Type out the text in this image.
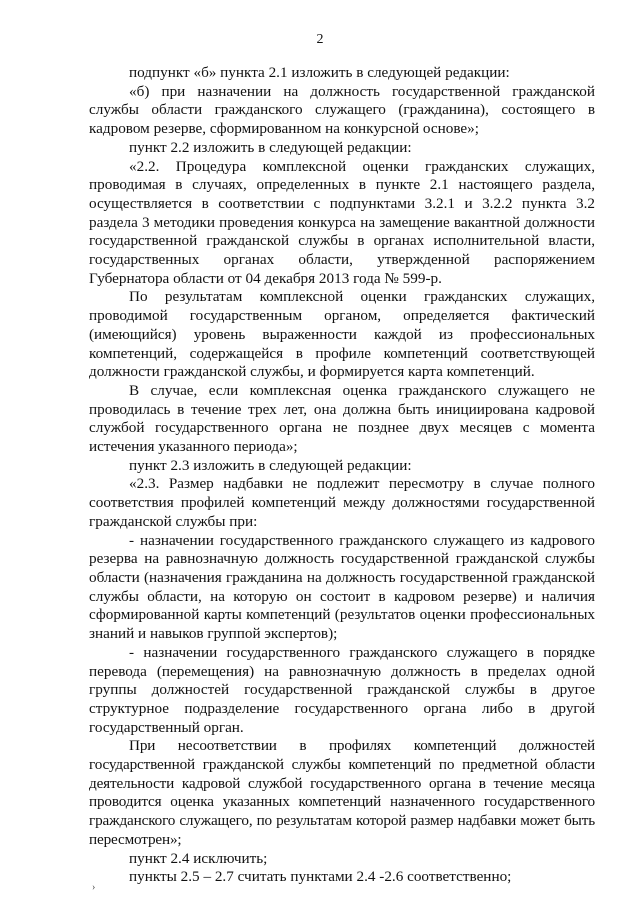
2

подпункт «б» пункта 2.1 изложить в следующей редакции:

«б) при назначении на должность государственной гражданской службы области гражданского служащего (гражданина), состоящего в кадровом резерве, сформированном на конкурсной основе»;

пункт 2.2 изложить в следующей редакции:

«2.2. Процедура комплексной оценки гражданских служащих, проводимая в случаях, определенных в пункте 2.1 настоящего раздела, осуществляется в соответствии с подпунктами 3.2.1 и 3.2.2 пункта 3.2 раздела 3 методики проведения конкурса на замещение вакантной должности государственной гражданской службы в органах исполнительной власти, государственных органах области, утвержденной распоряжением Губернатора области от 04 декабря 2013 года № 599-р.

По результатам комплексной оценки гражданских служащих, проводимой государственным органом, определяется фактический (имеющийся) уровень выраженности каждой из профессиональных компетенций, содержащейся в профиле компетенций соответствующей должности гражданской службы, и формируется карта компетенций.

В случае, если комплексная оценка гражданского служащего не проводилась в течение трех лет, она должна быть инициирована кадровой службой государственного органа не позднее двух месяцев с момента истечения указанного периода»;

пункт 2.3 изложить в следующей редакции:

«2.3. Размер надбавки не подлежит пересмотру в случае полного соответствия профилей компетенций между должностями государственной гражданской службы при:

- назначении государственного гражданского служащего из кадрового резерва на равнозначную должность государственной гражданской службы области (назначения гражданина на должность государственной гражданской службы области, на которую он состоит в кадровом резерве) и наличия сформированной карты компетенций (результатов оценки профессиональных знаний и навыков группой экспертов);

- назначении государственного гражданского служащего в порядке перевода (перемещения) на равнозначную должность в пределах одной группы должностей государственной гражданской службы в другое структурное подразделение государственного органа либо в другой государственный орган.

При несоответствии в профилях компетенций должностей государственной гражданской службы компетенций по предметной области деятельности кадровой службой государственного органа в течение месяца проводится оценка указанных компетенций назначенного государственного гражданского служащего, по результатам которой размер надбавки может быть пересмотрен»;

пункт 2.4 исключить;

пункты 2.5 – 2.7 считать пунктами 2.4 -2.6 соответственно;

›
